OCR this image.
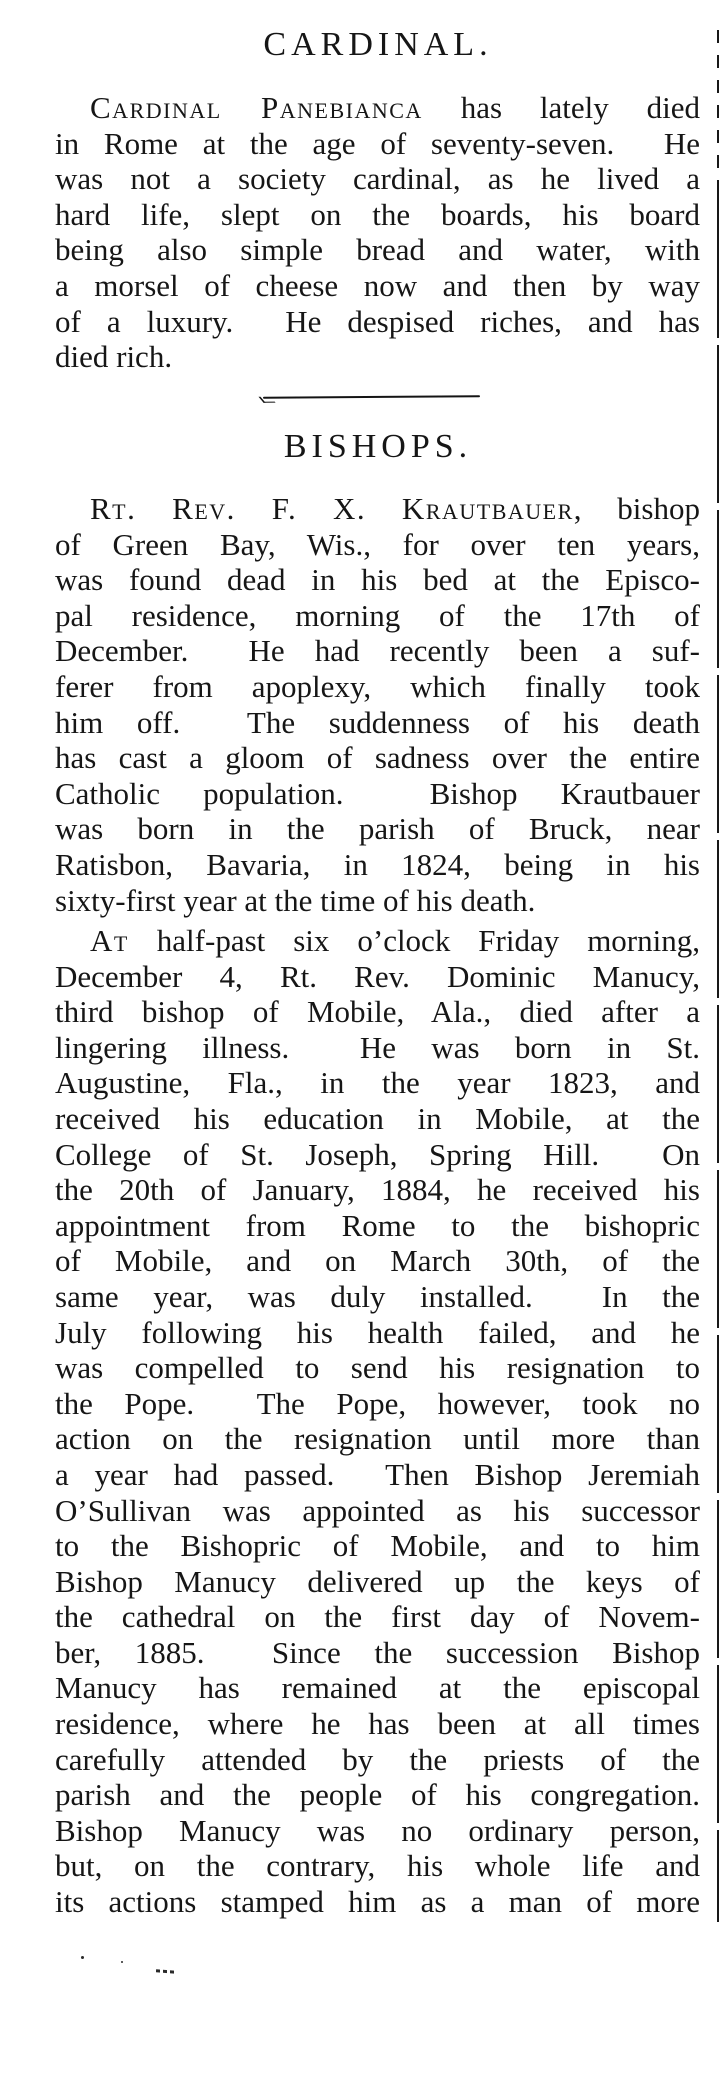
CARDINAL.
Cardinal Panebianca has lately died
in Rome at the age of seventy-seven.  He
was not a society cardinal, as he lived a
hard life, slept on the boards, his board
being also simple bread and water, with
a morsel of cheese now and then by way
of a luxury.  He despised riches, and has
died rich.
BISHOPS.
Rt. Rev. F. X. Krautbauer, bishop
of Green Bay, Wis., for over ten years,
was found dead in his bed at the Episco-
pal residence, morning of the 17th of
December.  He had recently been a suf-
ferer from apoplexy, which finally took
him off.  The suddenness of his death
has cast a gloom of sadness over the entire
Catholic population.  Bishop Krautbauer
was born in the parish of Bruck, near
Ratisbon, Bavaria, in 1824, being in his
sixty-first year at the time of his death.
At half-past six o’clock Friday morning,
December 4, Rt. Rev. Dominic Manucy,
third bishop of Mobile, Ala., died after a
lingering illness.  He was born in St.
Augustine, Fla., in the year 1823, and
received his education in Mobile, at the
College of St. Joseph, Spring Hill.  On
the 20th of January, 1884, he received his
appointment from Rome to the bishopric
of Mobile, and on March 30th, of the
same year, was duly installed.  In the
July following his health failed, and he
was compelled to send his resignation to
the Pope.  The Pope, however, took no
action on the resignation until more than
a year had passed.  Then Bishop Jeremiah
O’Sullivan was appointed as his successor
to the Bishopric of Mobile, and to him
Bishop Manucy delivered up the keys of
the cathedral on the first day of Novem-
ber, 1885.  Since the succession Bishop
Manucy has remained at the episcopal
residence, where he has been at all times
carefully attended by the priests of the
parish and the people of his congregation.
Bishop Manucy was no ordinary person,
but, on the contrary, his whole life and
its actions stamped him as a man of more
